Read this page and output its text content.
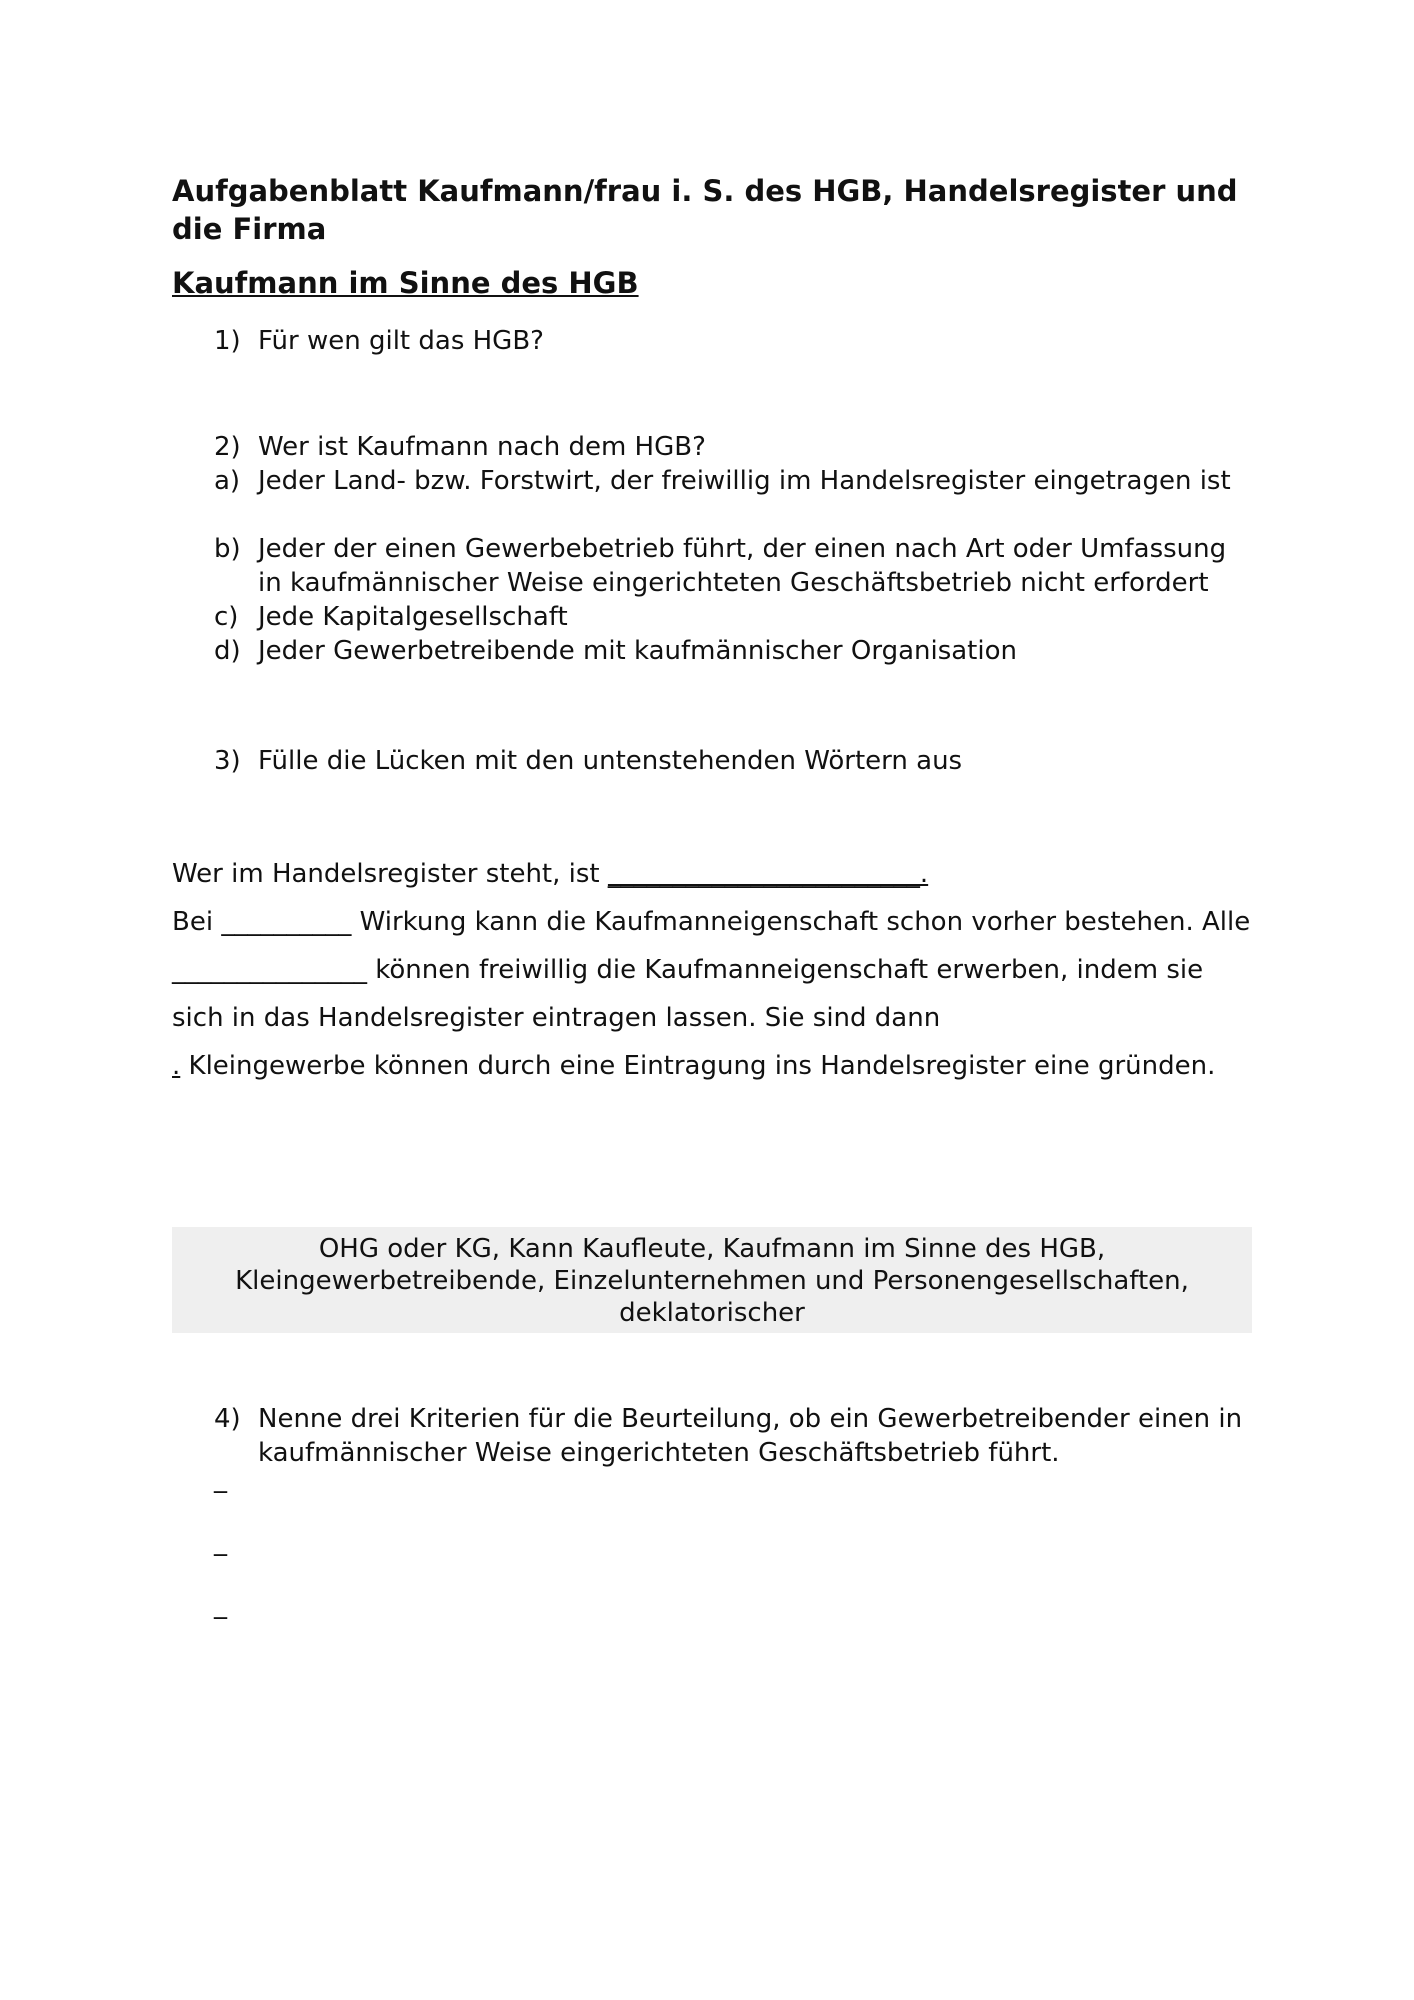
Aufgabenblatt Kaufmann/frau i. S. des HGB, Handelsregister und die Firma
Kaufmann im Sinne des HGB
1) Für wen gilt das HGB?
2) Wer ist Kaufmann nach dem HGB?
a) Jeder Land- bzw. Forstwirt, der freiwillig im Handelsregister eingetragen ist
b) Jeder der einen Gewerbebetrieb führt, der einen nach Art oder Umfassung in kaufmännischer Weise eingerichteten Geschäftsbetrieb nicht erfordert
c) Jede Kapitalgesellschaft
d) Jeder Gewerbetreibende mit kaufmännischer Organisation
3) Fülle die Lücken mit den untenstehenden Wörtern aus
Wer im Handelsregister steht, ist ________________________.
Bei __________ Wirkung kann die Kaufmanneigenschaft schon vorher bestehen. Alle _______________ können freiwillig die Kaufmanneigenschaft erwerben, indem sie sich in das Handelsregister eintragen lassen. Sie sind dann
. Kleingewerbe können durch eine Eintragung ins Handelsregister eine gründen.
OHG oder KG, Kann Kaufleute, Kaufmann im Sinne des HGB,
Kleingewerbetreibende, Einzelunternehmen und Personengesellschaften,
deklatorischer
4) Nenne drei Kriterien für die Beurteilung, ob ein Gewerbetreibender einen in kaufmännischer Weise eingerichteten Geschäftsbetrieb führt.
_
_
_
